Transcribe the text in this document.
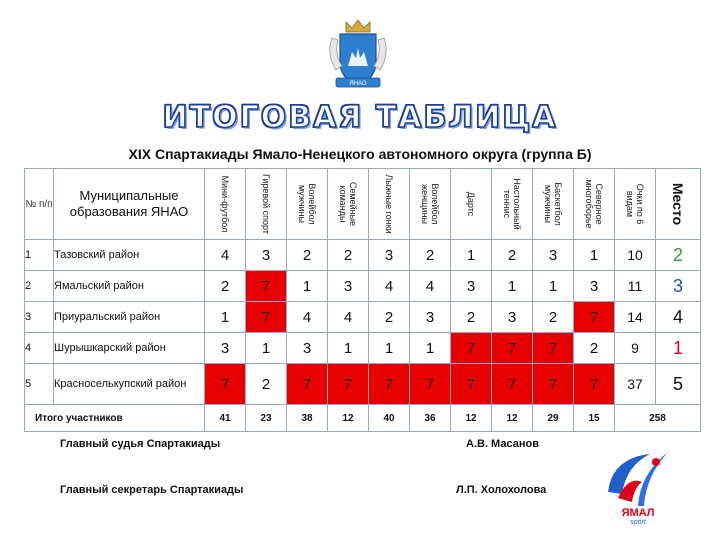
ЯНАО
ИТОГОВАЯ ТАБЛИЦА
XIX Спартакиады Ямало-Ненецкого автономного округа (группа Б)
№ п/п	Муниципальные образования ЯНАО	Мини-футбол	Гиревой спорт	Волейбол мужчины	Семейные команды	Лыжные гонки	Волейбол женщины	Дартс	Настольный теннис	Баскетбол мужчины	Северное многоборье	Очки по 6 видам	Место

1	Тазовский район	4	3	2	2	3	2	1	2	3	1	10	2
2	Ямальский район	2	7	1	3	4	4	3	1	1	3	11	3
3	Приуральский район	1	7	4	4	2	3	2	3	2	7	14	4
4	Шурышкарский район	3	1	3	1	1	1	7	7	7	2	9	1
5	Красноселькупский район	7	2	7	7	7	7	7	7	7	7	37	5
Итого участников		41	23	38	12	40	36	12	12	29	15	258	
Главный судья Спартакиады	А.В. Масанов
Главный секретарь Спартакиады	Л.П. Холохолова
ЯМАЛ
sport
